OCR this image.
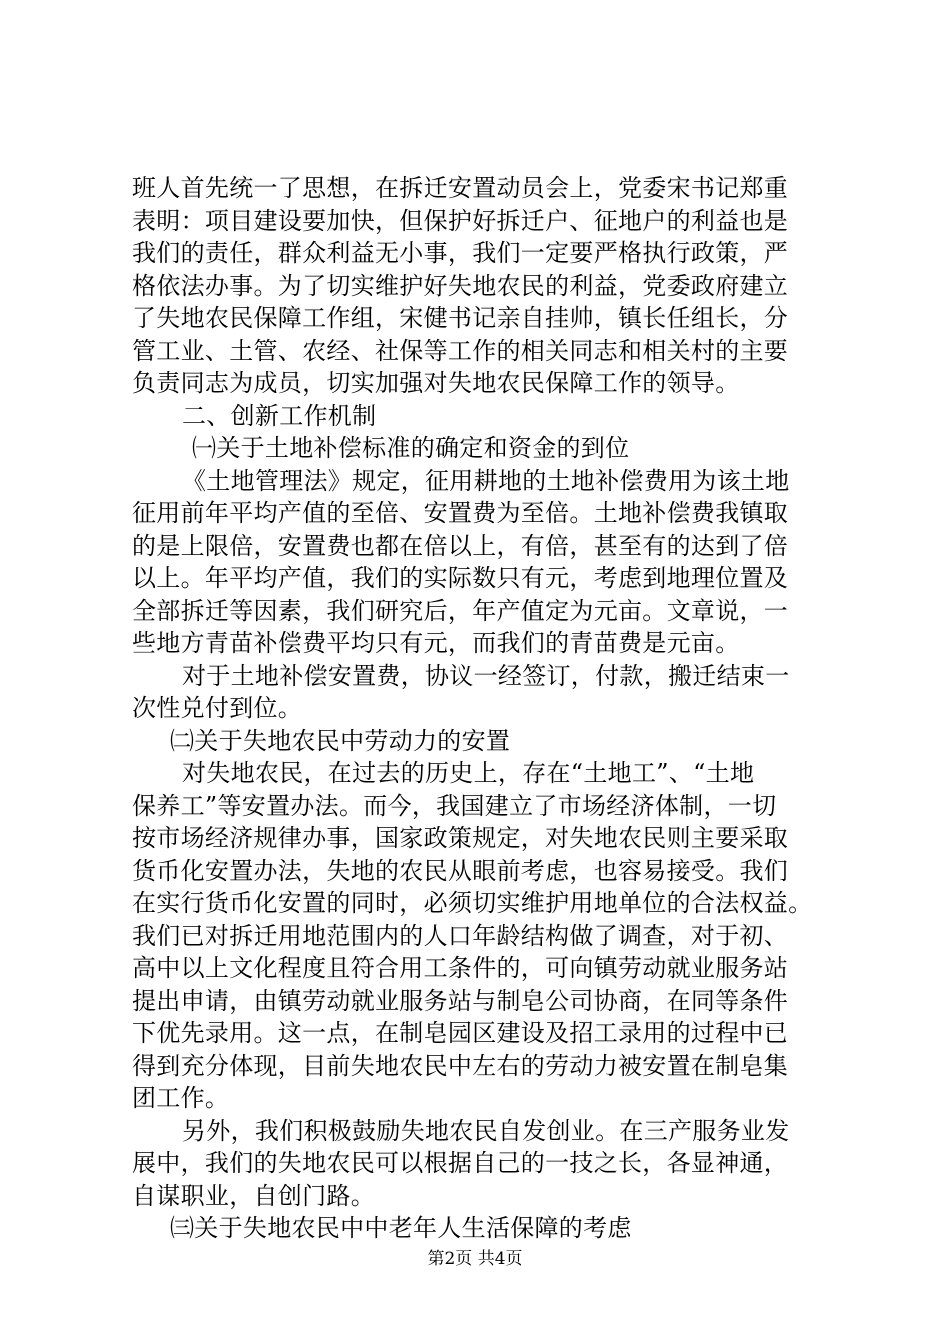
班人首先统一了思想，在拆迁安置动员会上，党委宋书记郑重
表明：项目建设要加快，但保护好拆迁户、征地户的利益也是
我们的责任，群众利益无小事，我们一定要严格执行政策，严
格依法办事。为了切实维护好失地农民的利益，党委政府建立
了失地农民保障工作组，宋健书记亲自挂帅，镇长任组长，分
管工业、土管、农经、社保等工作的相关同志和相关村的主要
负责同志为成员，切实加强对失地农民保障工作的领导。
二、创新工作机制
㈠关于土地补偿标准的确定和资金的到位
《土地管理法》规定，征用耕地的土地补偿费用为该土地
征用前年平均产值的至倍、安置费为至倍。土地补偿费我镇取
的是上限倍，安置费也都在倍以上，有倍，甚至有的达到了倍
以上。年平均产值，我们的实际数只有元，考虑到地理位置及
全部拆迁等因素，我们研究后，年产值定为元亩。文章说，一
些地方青苗补偿费平均只有元，而我们的青苗费是元亩。
对于土地补偿安置费，协议一经签订，付款，搬迁结束一
次性兑付到位。
㈡关于失地农民中劳动力的安置
对失地农民，在过去的历史上，存在“土地工”、“土地
保养工”等安置办法。而今，我国建立了市场经济体制，一切
按市场经济规律办事，国家政策规定，对失地农民则主要采取
货币化安置办法，失地的农民从眼前考虑，也容易接受。我们
在实行货币化安置的同时，必须切实维护用地单位的合法权益。
我们已对拆迁用地范围内的人口年龄结构做了调查，对于初、
高中以上文化程度且符合用工条件的，可向镇劳动就业服务站
提出申请，由镇劳动就业服务站与制皂公司协商，在同等条件
下优先录用。这一点，在制皂园区建设及招工录用的过程中已
得到充分体现，目前失地农民中左右的劳动力被安置在制皂集
团工作。
另外，我们积极鼓励失地农民自发创业。在三产服务业发
展中，我们的失地农民可以根据自己的一技之长，各显神通，
自谋职业，自创门路。
㈢关于失地农民中中老年人生活保障的考虑
第2页 共4页
